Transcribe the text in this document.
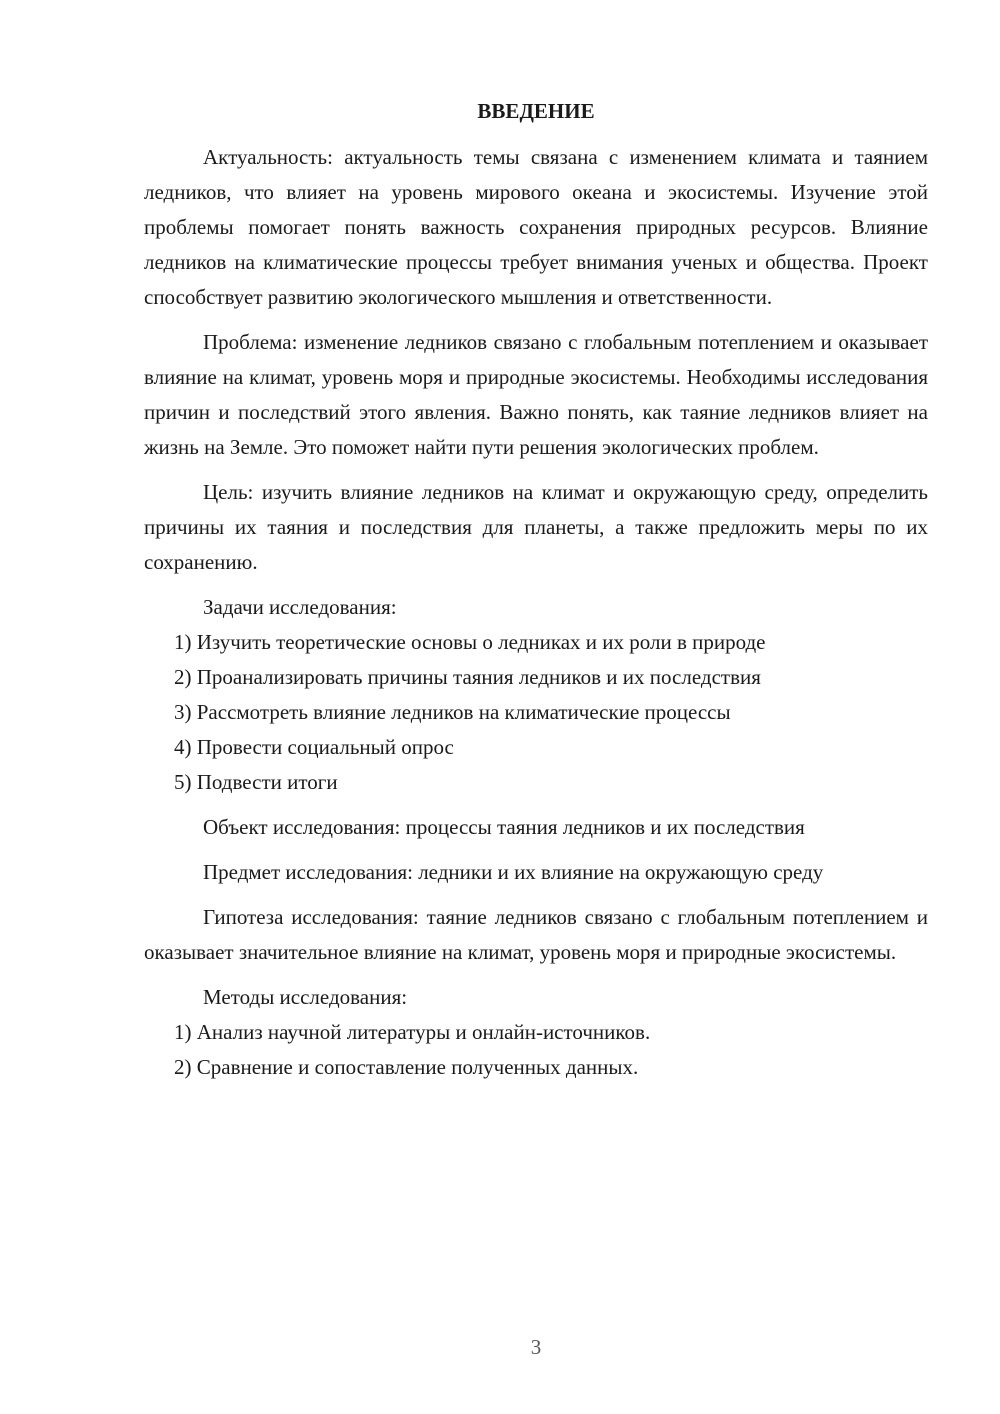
ВВЕДЕНИЕ

Актуальность: актуальность темы связана с изменением климата и таянием ледников, что влияет на уровень мирового океана и экосистемы. Изучение этой проблемы помогает понять важность сохранения природных ресурсов. Влияние ледников на климатические процессы требует внимания ученых и общества. Проект способствует развитию экологического мышления и ответственности.

Проблема: изменение ледников связано с глобальным потеплением и оказывает влияние на климат, уровень моря и природные экосистемы. Необходимы исследования причин и последствий этого явления. Важно понять, как таяние ледников влияет на жизнь на Земле. Это поможет найти пути решения экологических проблем.

Цель: изучить влияние ледников на климат и окружающую среду, определить причины их таяния и последствия для планеты, а также предложить меры по их сохранению.

Задачи исследования:

1) Изучить теоретические основы о ледниках и их роли в природе

2) Проанализировать причины таяния ледников и их последствия

3) Рассмотреть влияние ледников на климатические процессы

4) Провести социальный опрос

5) Подвести итоги

Объект исследования: процессы таяния ледников и их последствия

Предмет исследования: ледники и их влияние на окружающую среду

Гипотеза исследования: таяние ледников связано с глобальным потеплением и оказывает значительное влияние на климат, уровень моря и природные экосистемы.

Методы исследования:

1) Анализ научной литературы и онлайн-источников.

2) Сравнение и сопоставление полученных данных.

3
